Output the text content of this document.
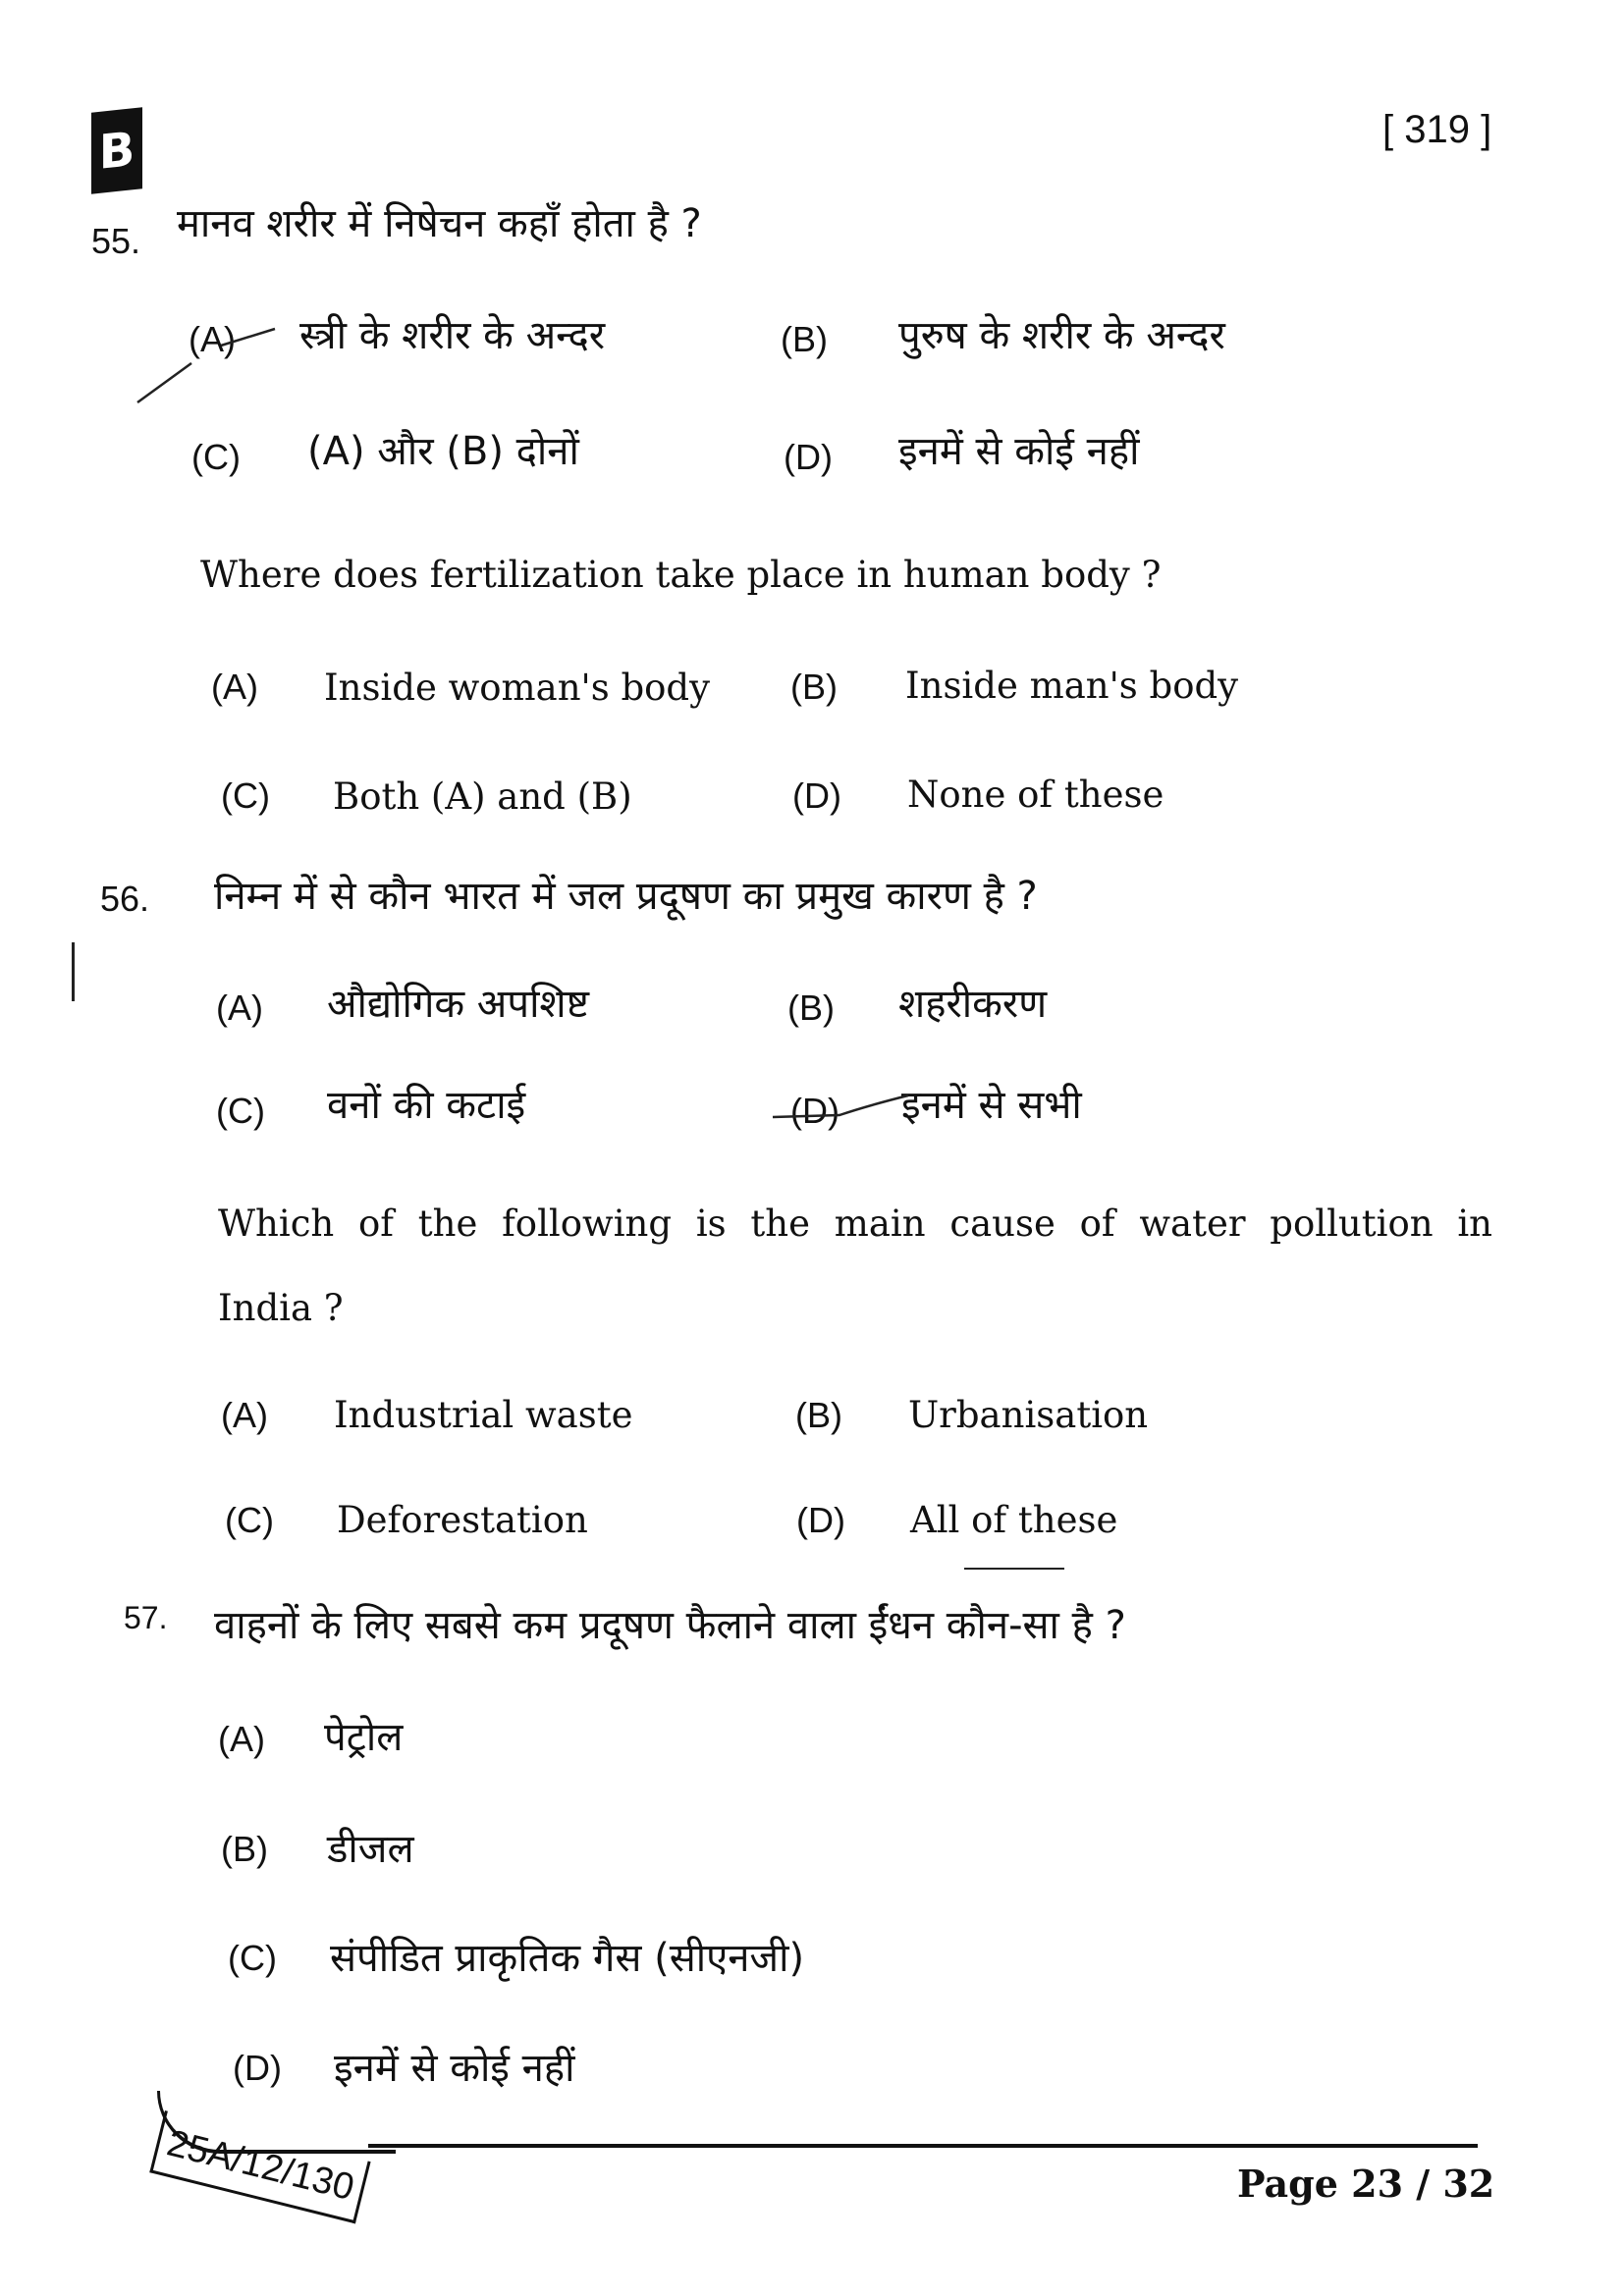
B	[ 319 ]
55. मानव शरीर में निषेचन कहाँ होता है ?
(A) स्त्री के शरीर के अन्दर	(B) पुरुष के शरीर के अन्दर
(C) (A) और (B) दोनों	(D) इनमें से कोई नहीं
Where does fertilization take place in human body ?
(A) Inside woman's body (B) Inside man's body
(C) Both (A) and (B)	(D) None of these
56. निम्न में से कौन भारत में जल प्रदूषण का प्रमुख कारण है ?
(A) औद्योगिक अपशिष्ट	(B) शहरीकरण
(C) वनों की कटाई	(D) इनमें से सभी
Which of the following is the main cause of water pollution in
India ?
(A) Industrial waste	(B) Urbanisation
(C) Deforestation	(D) All of these
57. वाहनों के लिए सबसे कम प्रदूषण फैलाने वाला ईंधन कौन-सा है ?
(A) पेट्रोल
(B) डीजल
(C) संपीडित प्राकृतिक गैस (सीएनजी)
(D) इनमें से कोई नहीं
25A/12/130	Page 23 / 32
